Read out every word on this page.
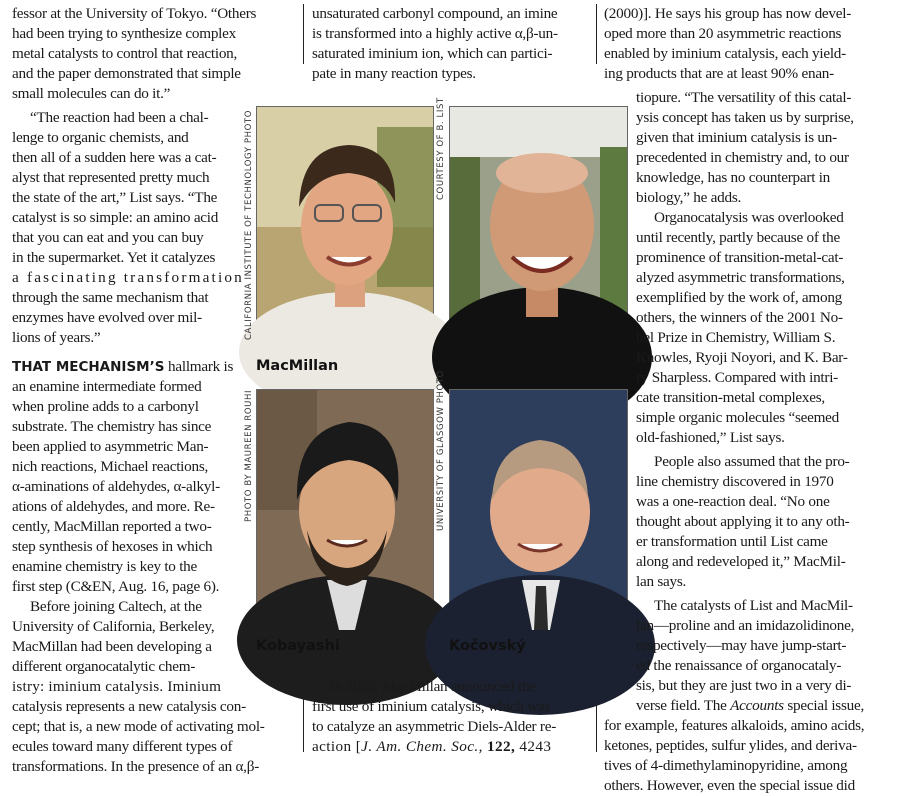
fessor at the University of Tokyo. “Others
had been trying to synthesize complex
metal catalysts to control that reaction,
and the paper demonstrated that simple
small molecules can do it.”
“The reaction had been a chal-
lenge to organic chemists, and
then all of a sudden here was a cat-
alyst that represented pretty much
the state of the art,” List says. “The
catalyst is so simple: an amino acid
that you can eat and you can buy
in the supermarket. Yet it catalyzes
a fascinating transformation
through the same mechanism that
enzymes have evolved over mil-
lions of years.”
THAT MECHANISM’S hallmark is
an enamine intermediate formed
when proline adds to a carbonyl
substrate. The chemistry has since
been applied to asymmetric Man-
nich reactions, Michael reactions,
α-aminations of aldehydes, α-alkyl-
ations of aldehydes, and more. Re-
cently, MacMillan reported a two-
step synthesis of hexoses in which
enamine chemistry is key to the
first step (C&EN, Aug. 16, page 6).
Before joining Caltech, at the
University of California, Berkeley,
MacMillan had been developing a
different organocatalytic chem-
istry: iminium catalysis. Iminium
catalysis represents a new catalysis con-
cept; that is, a new mode of activating mol-
ecules toward many different types of
transformations. In the presence of an α,β-
unsaturated carbonyl compound, an imine
is transformed into a highly active α,β-un-
saturated iminium ion, which can partici-
pate in many reaction types.
CALIFORNIA INSTITUTE OF TECHNOLOGY PHOTO
MacMillan
COURTESY OF B. LIST
List
PHOTO BY MAUREEN ROUHI
Kobayashi
UNIVERSITY OF GLASGOW PHOTO
Kočovský
In 2000, MacMillan announced the
first use of iminium catalysis, which was
to catalyze an asymmetric Diels-Alder re-
action [J. Am. Chem. Soc., 122, 4243
(2000)]. He says his group has now devel-
oped more than 20 asymmetric reactions
enabled by iminium catalysis, each yield-
ing products that are at least 90% enan-
tiopure. “The versatility of this catal-
ysis concept has taken us by surprise,
given that iminium catalysis is un-
precedented in chemistry and, to our
knowledge, has no counterpart in
biology,” he adds.
Organocatalysis was overlooked
until recently, partly because of the
prominence of transition-metal-cat-
alyzed asymmetric transformations,
exemplified by the work of, among
others, the winners of the 2001 No-
bel Prize in Chemistry, William S.
Knowles, Ryoji Noyori, and K. Bar-
ry Sharpless. Compared with intri-
cate transition-metal complexes,
simple organic molecules “seemed
old-fashioned,” List says.
People also assumed that the pro-
line chemistry discovered in 1970
was a one-reaction deal. “No one
thought about applying it to any oth-
er transformation until List came
along and redeveloped it,” MacMil-
lan says.
The catalysts of List and MacMil-
lan—proline and an imidazolidinone,
respectively—may have jump-start-
ed the renaissance of organocataly-
sis, but they are just two in a very di-
verse field. The Accounts special issue,
for example, features alkaloids, amino acids,
ketones, peptides, sulfur ylides, and deriva-
tives of 4-dimethylaminopyridine, among
others. However, even the special issue did
